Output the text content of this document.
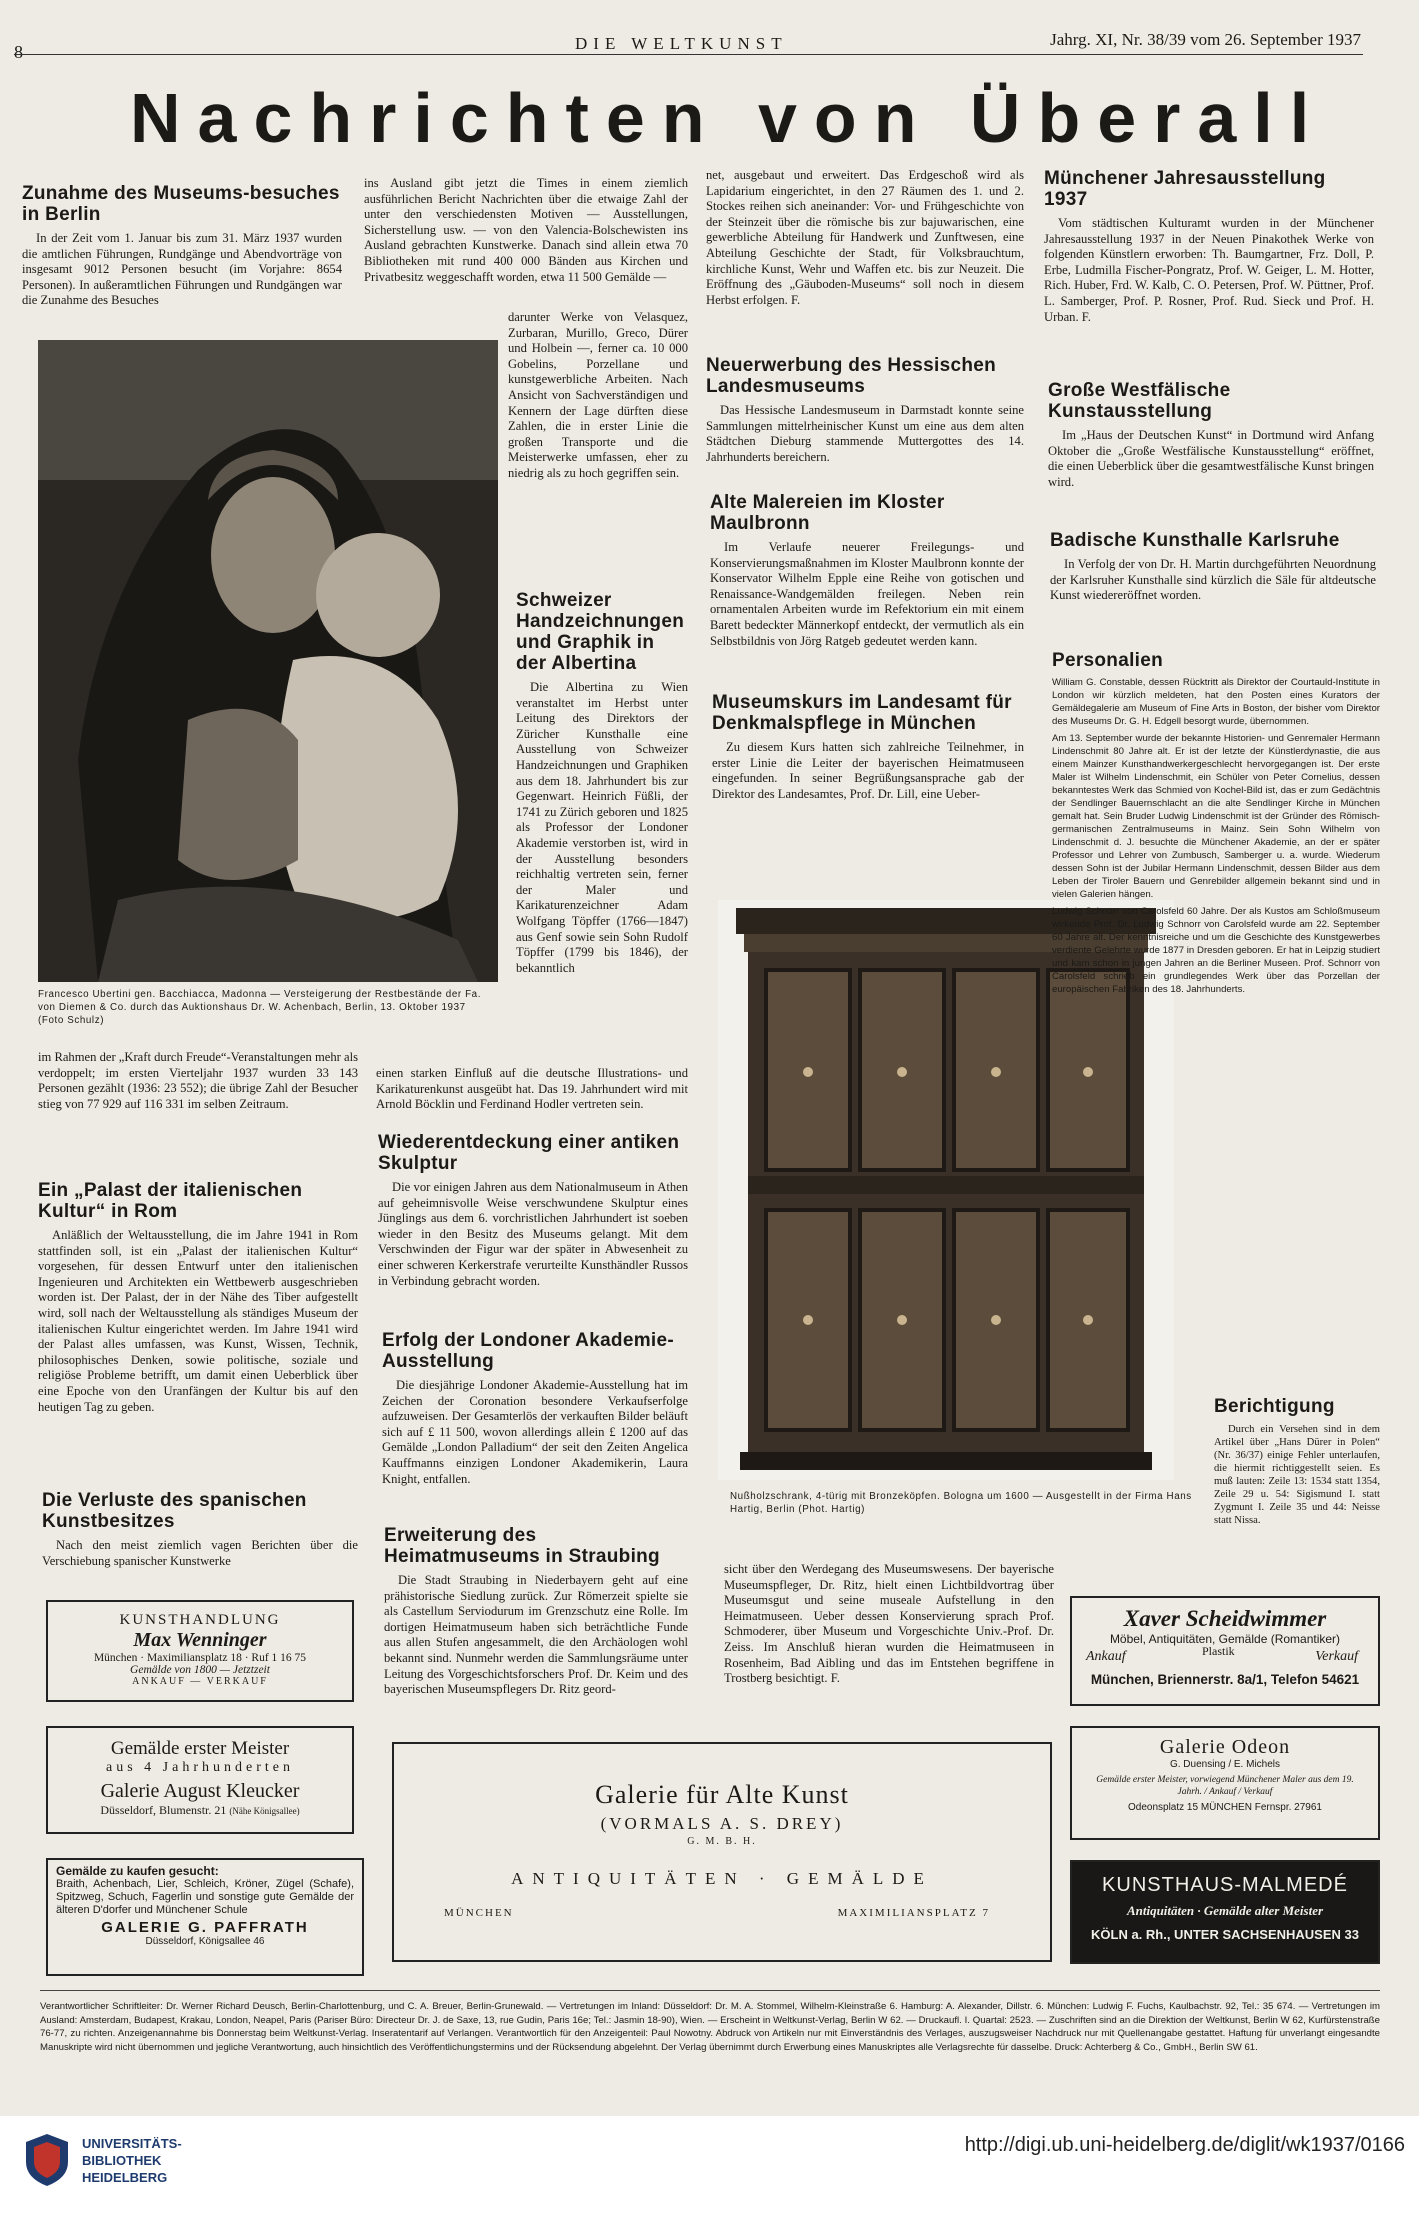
8	DIE WELTKUNST	Jahrg. XI, Nr. 38/39 vom 26. September 1937
Nachrichten von Überall
Zunahme des Museums-besuches in Berlin

In der Zeit vom 1. Januar bis zum 31. März 1937 wurden die amtlichen Führungen, Rundgänge und Abendvorträge von insgesamt 9012 Personen besucht (im Vorjahre: 8654 Personen). In außeramtlichen Führungen und Rundgängen war die Zunahme des Besuches

Francesco Ubertini gen. Bacchiacca, Madonna — Versteigerung der Restbestände der Fa. von Diemen & Co. durch das Auktionshaus Dr. W. Achenbach, Berlin, 13. Oktober 1937 (Foto Schulz)

im Rahmen der „Kraft durch Freude“-Veranstaltungen mehr als verdoppelt; im ersten Vierteljahr 1937 wurden 33 143 Personen gezählt (1936: 23 552); die übrige Zahl der Besucher stieg von 77 929 auf 116 331 im selben Zeitraum.

Ein „Palast der italienischen Kultur“ in Rom

Anläßlich der Weltausstellung, die im Jahre 1941 in Rom stattfinden soll, ist ein „Palast der italienischen Kultur“ vorgesehen, für dessen Entwurf unter den italienischen Ingenieuren und Architekten ein Wettbewerb ausgeschrieben worden ist. Der Palast, der in der Nähe des Tiber aufgestellt wird, soll nach der Weltausstellung als ständiges Museum der italienischen Kultur eingerichtet werden. Im Jahre 1941 wird der Palast alles umfassen, was Kunst, Wissen, Technik, philosophisches Denken, sowie politische, soziale und religiöse Probleme betrifft, um damit einen Ueberblick über eine Epoche von den Uranfängen der Kultur bis auf den heutigen Tag zu geben.

Die Verluste des spanischen Kunstbesitzes

Nach den meist ziemlich vagen Berichten über die Verschiebung spanischer Kunstwerke

ins Ausland gibt jetzt die Times in einem ziemlich ausführlichen Bericht Nachrichten über die etwaige Zahl der unter den verschiedensten Motiven — Ausstellungen, Sicherstellung usw. — von den Valencia-Bolschewisten ins Ausland gebrachten Kunstwerke. Danach sind allein etwa 70 Bibliotheken mit rund 400 000 Bänden aus Kirchen und Privatbesitz weggeschafft worden, etwa 11 500 Gemälde —

darunter Werke von Velasquez, Zurbaran, Murillo, Greco, Dürer und Holbein —, ferner ca. 10 000 Gobelins, Porzellane und kunstgewerbliche Arbeiten. Nach Ansicht von Sachverständigen und Kennern der Lage dürften diese Zahlen, die in erster Linie die großen Transporte und die Meisterwerke umfassen, eher zu niedrig als zu hoch gegriffen sein.

Schweizer Handzeichnungen und Graphik in der Albertina

Die Albertina zu Wien veranstaltet im Herbst unter Leitung des Direktors der Züricher Kunsthalle eine Ausstellung von Schweizer Handzeichnungen und Graphiken aus dem 18. Jahrhundert bis zur Gegenwart. Heinrich Füßli, der 1741 zu Zürich geboren und 1825 als Professor der Londoner Akademie verstorben ist, wird in der Ausstellung besonders reichhaltig vertreten sein, ferner der Maler und Karikaturenzeichner Adam Wolfgang Töpffer (1766—1847) aus Genf sowie sein Sohn Rudolf Töpffer (1799 bis 1846), der bekanntlich

einen starken Einfluß auf die deutsche Illustrations- und Karikaturenkunst ausgeübt hat. Das 19. Jahrhundert wird mit Arnold Böcklin und Ferdinand Hodler vertreten sein.

Wiederentdeckung einer antiken Skulptur

Die vor einigen Jahren aus dem Nationalmuseum in Athen auf geheimnisvolle Weise verschwundene Skulptur eines Jünglings aus dem 6. vorchristlichen Jahrhundert ist soeben wieder in den Besitz des Museums gelangt. Mit dem Verschwinden der Figur war der später in Abwesenheit zu einer schweren Kerkerstrafe verurteilte Kunsthändler Russos in Verbindung gebracht worden.

Erfolg der Londoner Akademie-Ausstellung

Die diesjährige Londoner Akademie-Ausstellung hat im Zeichen der Coronation besondere Verkaufserfolge aufzuweisen. Der Gesamterlös der verkauften Bilder beläuft sich auf £ 11 500, wovon allerdings allein £ 1200 auf das Gemälde „London Palladium“ der seit den Zeiten Angelica Kauffmanns einzigen Londoner Akademikerin, Laura Knight, entfallen.

Erweiterung des Heimatmuseums in Straubing

Die Stadt Straubing in Niederbayern geht auf eine prähistorische Siedlung zurück. Zur Römerzeit spielte sie als Castellum Serviodurum im Grenzschutz eine Rolle. Im dortigen Heimatmuseum haben sich beträchtliche Funde aus allen Stufen angesammelt, die den Archäologen wohl bekannt sind. Nunmehr werden die Sammlungsräume unter Leitung des Vorgeschichtsforschers Prof. Dr. Keim und des bayerischen Museumspflegers Dr. Ritz geord-

net, ausgebaut und erweitert. Das Erdgeschoß wird als Lapidarium eingerichtet, in den 27 Räumen des 1. und 2. Stockes reihen sich aneinander: Vor- und Frühgeschichte von der Steinzeit über die römische bis zur bajuwarischen, eine gewerbliche Abteilung für Handwerk und Zunftwesen, eine Abteilung Geschichte der Stadt, für Volksbrauchtum, kirchliche Kunst, Wehr und Waffen etc. bis zur Neuzeit. Die Eröffnung des „Gäuboden-Museums“ soll noch in diesem Herbst erfolgen. F.

Neuerwerbung des Hessischen Landesmuseums

Das Hessische Landesmuseum in Darmstadt konnte seine Sammlungen mittelrheinischer Kunst um eine aus dem alten Städtchen Dieburg stammende Muttergottes des 14. Jahrhunderts bereichern.

Alte Malereien im Kloster Maulbronn

Im Verlaufe neuerer Freilegungs- und Konservierungsmaßnahmen im Kloster Maulbronn konnte der Konservator Wilhelm Epple eine Reihe von gotischen und Renaissance-Wandgemälden freilegen. Neben rein ornamentalen Arbeiten wurde im Refektorium ein mit einem Barett bedeckter Männerkopf entdeckt, der vermutlich als ein Selbstbildnis von Jörg Ratgeb gedeutet werden kann.

Museumskurs im Landesamt für Denkmalspflege in München

Zu diesem Kurs hatten sich zahlreiche Teilnehmer, in erster Linie die Leiter der bayerischen Heimatmuseen eingefunden. In seiner Begrüßungsansprache gab der Direktor des Landesamtes, Prof. Dr. Lill, eine Ueber-

Nußholzschrank, 4-türig mit Bronzeköpfen. Bologna um 1600 — Ausgestellt in der Firma Hans Hartig, Berlin (Phot. Hartig)

sicht über den Werdegang des Museumswesens. Der bayerische Museumspfleger, Dr. Ritz, hielt einen Lichtbildvortrag über Museumsgut und seine museale Aufstellung in den Heimatmuseen. Ueber dessen Konservierung sprach Prof. Schmoderer, über Museum und Vorgeschichte Univ.-Prof. Dr. Zeiss. Im Anschluß hieran wurden die Heimatmuseen in Rosenheim, Bad Aibling und das im Entstehen begriffene in Trostberg besichtigt. F.

Münchener Jahresausstellung 1937

Vom städtischen Kulturamt wurden in der Münchener Jahresausstellung 1937 in der Neuen Pinakothek Werke von folgenden Künstlern erworben: Th. Baumgartner, Frz. Doll, P. Erbe, Ludmilla Fischer-Pongratz, Prof. W. Geiger, L. M. Hotter, Rich. Huber, Frd. W. Kalb, C. O. Petersen, Prof. W. Püttner, Prof. L. Samberger, Prof. P. Rosner, Prof. Rud. Sieck und Prof. H. Urban. F.

Große Westfälische Kunstausstellung

Im „Haus der Deutschen Kunst“ in Dortmund wird Anfang Oktober die „Große Westfälische Kunstausstellung“ eröffnet, die einen Ueberblick über die gesamtwestfälische Kunst bringen wird.

Badische Kunsthalle Karlsruhe

In Verfolg der von Dr. H. Martin durchgeführten Neuordnung der Karlsruher Kunsthalle sind kürzlich die Säle für altdeutsche Kunst wiedereröffnet worden.

Personalien

William G. Constable, dessen Rücktritt als Direktor der Courtauld-Institute in London wir kürzlich meldeten, hat den Posten eines Kurators der Gemäldegalerie am Museum of Fine Arts in Boston, der bisher vom Direktor des Museums Dr. G. H. Edgell besorgt wurde, übernommen.

Am 13. September wurde der bekannte Historien- und Genremaler Hermann Lindenschmit 80 Jahre alt. Er ist der letzte der Künstlerdynastie, die aus einem Mainzer Kunsthandwerkergeschlecht hervorgegangen ist. Der erste Maler ist Wilhelm Lindenschmit, ein Schüler von Peter Cornelius, dessen bekanntestes Werk das Schmied von Kochel-Bild ist, das er zum Gedächtnis der Sendlinger Bauernschlacht an die alte Sendlinger Kirche in München gemalt hat. Sein Bruder Ludwig Lindenschmit ist der Gründer des Römisch-germanischen Zentralmuseums in Mainz. Sein Sohn Wilhelm von Lindenschmit d. J. besuchte die Münchener Akademie, an der er später Professor und Lehrer von Zumbusch, Samberger u. a. wurde. Wiederum dessen Sohn ist der Jubilar Hermann Lindenschmit, dessen Bilder aus dem Leben der Tiroler Bauern und Genrebilder allgemein bekannt sind und in vielen Galerien hängen.

Ludwig Schnorr von Carolsfeld 60 Jahre. Der als Kustos am Schloßmuseum wirkende Prof. Dr. Ludwig Schnorr von Carolsfeld wurde am 22. September 60 Jahre alt. Der kenntnisreiche und um die Geschichte des Kunstgewerbes verdiente Gelehrte wurde 1877 in Dresden geboren. Er hat in Leipzig studiert und kam schon in jungen Jahren an die Berliner Museen. Prof. Schnorr von Carolsfeld schrieb ein grundlegendes Werk über das Porzellan der europäischen Fabriken des 18. Jahrhunderts.

Berichtigung

Durch ein Versehen sind in dem Artikel über „Hans Dürer in Polen“ (Nr. 36/37) einige Fehler unterlaufen, die hiermit richtiggestellt seien. Es muß lauten: Zeile 13: 1534 statt 1354, Zeile 29 u. 54: Sigismund I. statt Zygmunt I. Zeile 35 und 44: Neisse statt Nissa.

KUNSTHANDLUNG
Max Wenninger
München · Maximiliansplatz 18 · Ruf 1 16 75
Gemälde von 1800 — Jetztzeit
ANKAUF — VERKAUF
Gemälde erster Meister
aus 4 Jahrhunderten
Galerie August Kleucker
Düsseldorf, Blumenstr. 21 (Nähe Königsallee)
Gemälde zu kaufen gesucht:
Braith, Achenbach, Lier, Schleich, Kröner, Zügel (Schafe), Spitzweg, Schuch, Fagerlin und sonstige gute Gemälde der älteren D'dorfer und Münchener Schule
GALERIE G. PAFFRATH
Düsseldorf, Königsallee 46
Galerie für Alte Kunst
(VORMALS A. S. DREY)
G. M. B. H.
ANTIQUITÄTEN · GEMÄLDE
MÜNCHEN	MAXIMILIANSPLATZ 7
Xaver Scheidwimmer
Möbel, Antiquitäten, Gemälde (Romantiker)
Ankauf	Plastik	Verkauf
München, Briennerstr. 8a/1, Telefon 54621
Galerie Odeon
G. Duensing / E. Michels
Gemälde erster Meister, vorwiegend Münchener Maler aus dem 19. Jahrh. / Ankauf / Verkauf
Odeonsplatz 15 MÜNCHEN Fernspr. 27961
KUNSTHAUS-MALMEDÉ
Antiquitäten · Gemälde alter Meister
KÖLN a. Rh., UNTER SACHSENHAUSEN 33
Verantwortlicher Schriftleiter: Dr. Werner Richard Deusch, Berlin-Charlottenburg, und C. A. Breuer, Berlin-Grunewald. — Vertretungen im Inland: Düsseldorf: Dr. M. A. Stommel, Wilhelm-Kleinstraße 6. Hamburg: A. Alexander, Dillstr. 6. München: Ludwig F. Fuchs, Kaulbachstr. 92, Tel.: 35 674. — Vertretungen im Ausland: Amsterdam, Budapest, Krakau, London, Neapel, Paris (Pariser Büro: Directeur Dr. J. de Saxe, 13, rue Gudin, Paris 16e; Tel.: Jasmin 18-90), Wien. — Erscheint in Weltkunst-Verlag, Berlin W 62. — Druckaufl. I. Quartal: 2523. — Zuschriften sind an die Direktion der Weltkunst, Berlin W 62, Kurfürstenstraße 76-77, zu richten. Anzeigenannahme bis Donnerstag beim Weltkunst-Verlag. Inseratentarif auf Verlangen. Verantwortlich für den Anzeigenteil: Paul Nowotny. Abdruck von Artikeln nur mit Einverständnis des Verlages, auszugsweiser Nachdruck nur mit Quellenangabe gestattet. Haftung für unverlangt eingesandte Manuskripte wird nicht übernommen und jegliche Verantwortung, auch hinsichtlich des Veröffentlichungstermins und der Rücksendung abgelehnt. Der Verlag übernimmt durch Erwerbung eines Manuskriptes alle Verlagsrechte für dasselbe. Druck: Achterberg & Co., GmbH., Berlin SW 61.
UNIVERSITÄTS-
BIBLIOTHEK
HEIDELBERG
http://digi.ub.uni-heidelberg.de/diglit/wk1937/0166
